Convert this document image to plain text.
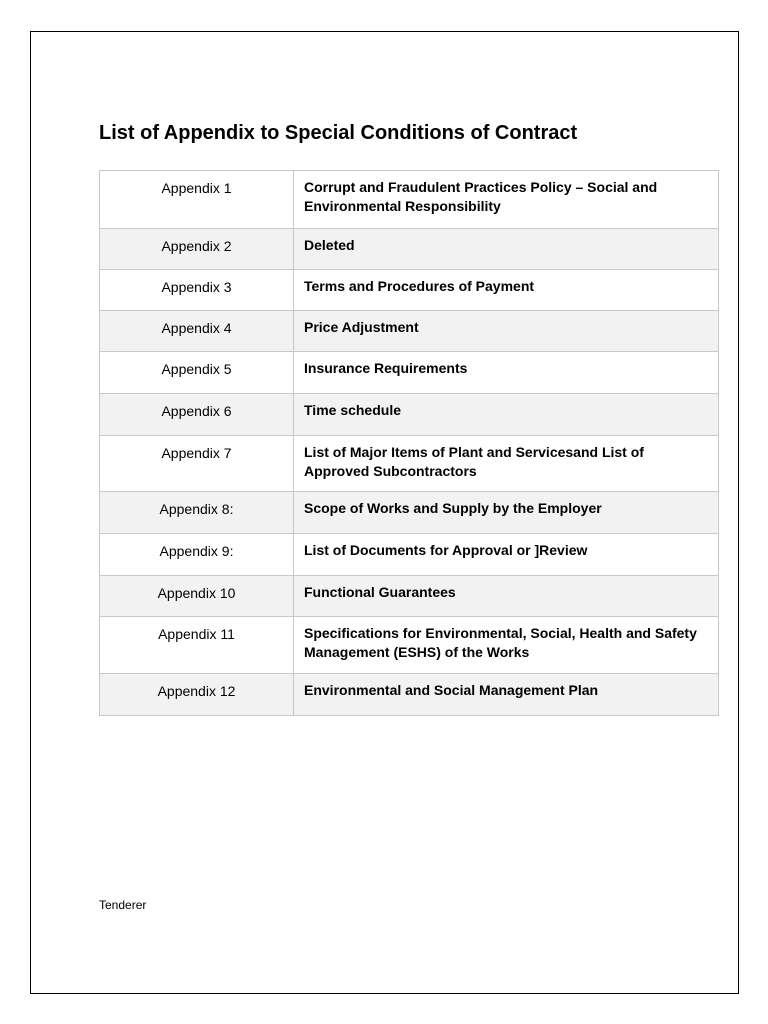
List of Appendix to Special Conditions of Contract
Appendix 1	Corrupt and Fraudulent Practices Policy – Social and Environmental Responsibility
Appendix 2	Deleted
Appendix 3	Terms and Procedures of Payment
Appendix 4	Price Adjustment
Appendix 5	Insurance Requirements
Appendix 6	Time schedule
Appendix 7	List of Major Items of Plant and Servicesand List of Approved Subcontractors
Appendix 8:	Scope of Works and Supply by the Employer
Appendix 9:	List of Documents for Approval or ]Review
Appendix 10	Functional Guarantees
Appendix 11	Specifications for Environmental, Social, Health and Safety Management (ESHS) of the Works
Appendix 12	Environmental and Social Management Plan
Tenderer
